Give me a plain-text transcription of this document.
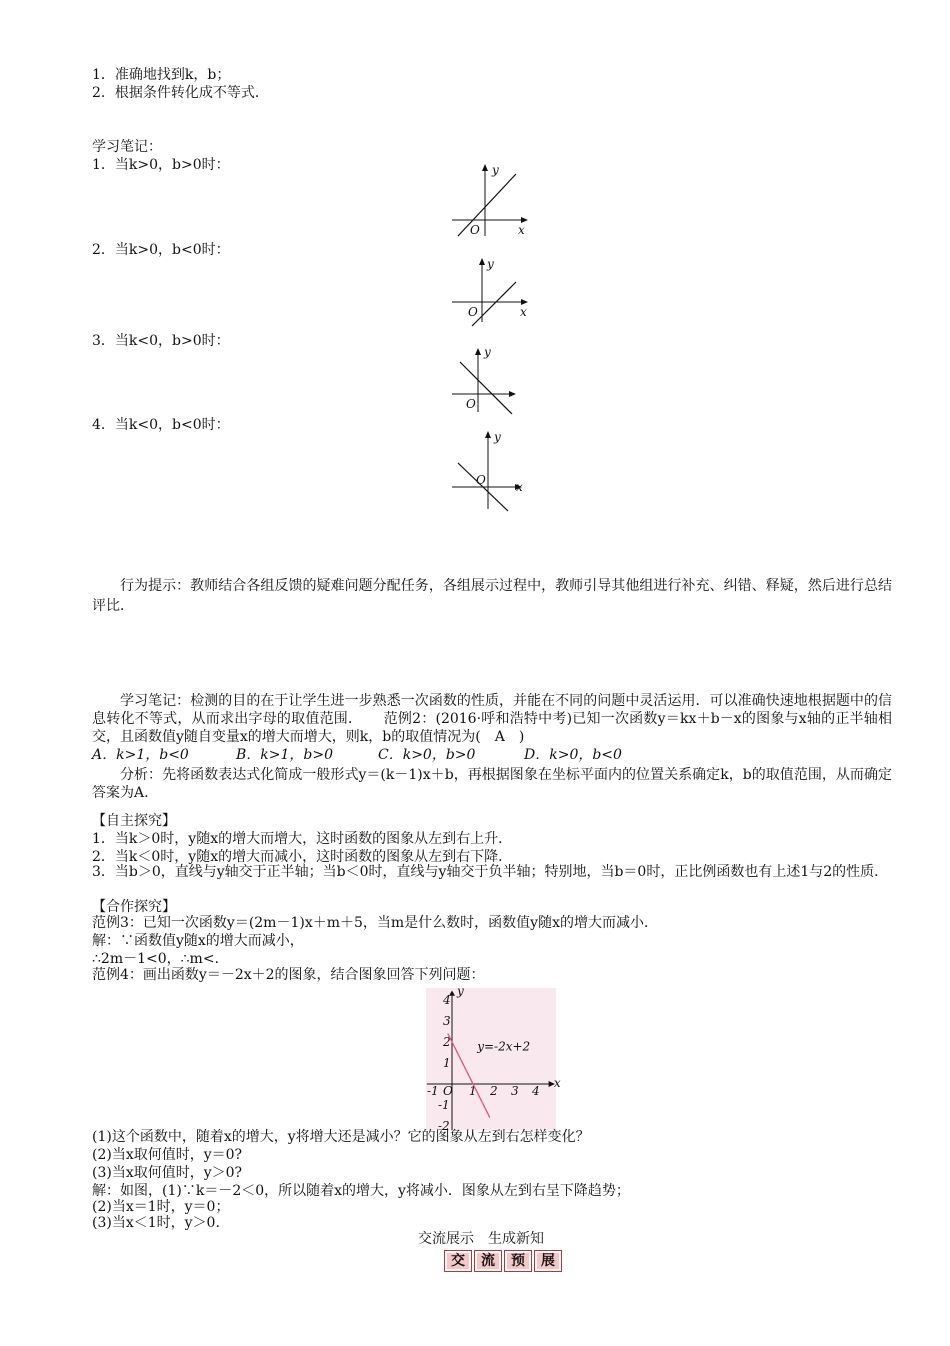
1．准确地找到k，b；
2．根据条件转化成不等式．
学习笔记：
1．当k>0，b>0时：
2．当k>0，b<0时：
3．当k<0，b>0时：
4．当k<0，b<0时：
y
x
O
y
x
O
y
O
y
x
O
行为提示：教师结合各组反馈的疑难问题分配任务，各组展示过程中，教师引导其他组进行补充、纠错、释疑，然后进行总结评比．
学习笔记：检测的目的在于让学生进一步熟悉一次函数的性质，并能在不同的问题中灵活运用．可以准确快速地根据题中的信息转化不等式，从而求出字母的取值范围．　　范例2：(2016·呼和浩特中考)已知一次函数y＝kx＋b－x的图象与x轴的正半轴相交，且函数值y随自变量x的增大而增大，则k，b的取值情况为(　A　)
A．k>1，b<0	B．k>1，b>0	C．k>0，b>0	D．k>0，b<0
分析：先将函数表达式化简成一般形式y＝(k－1)x＋b，再根据图象在坐标平面内的位置关系确定k，b的取值范围，从而确定答案为A.
【自主探究】
1．当k＞0时，y随x的增大而增大，这时函数的图象从左到右上升．
2．当k＜0时，y随x的增大而减小，这时函数的图象从左到右下降．
3．当b＞0，直线与y轴交于正半轴；当b＜0时，直线与y轴交于负半轴；特别地，当b＝0时，正比例函数也有上述1与2的性质．
【合作探究】
范例3：已知一次函数y＝(2m－1)x＋m＋5，当m是什么数时，函数值y随x的增大而减小．
解：∵函数值y随x的增大而减小，
∴2m－1<0，∴m<.
范例4：画出函数y＝－2x＋2的图象，结合图象回答下列问题：
x
y
-1 O 1 2 3 4
4
3
2
1
-1
-2
y=-2x+2
(1)这个函数中，随着x的增大，y将增大还是减小？它的图象从左到右怎样变化？
(2)当x取何值时，y＝0?
(3)当x取何值时，y＞0?
解：如图，(1)∵k＝－2＜0，所以随着x的增大，y将减小．图象从左到右呈下降趋势；
(2)当x＝1时，y＝0；
(3)当x＜1时，y＞0.
交流展示　生成新知
交	流	预	展
